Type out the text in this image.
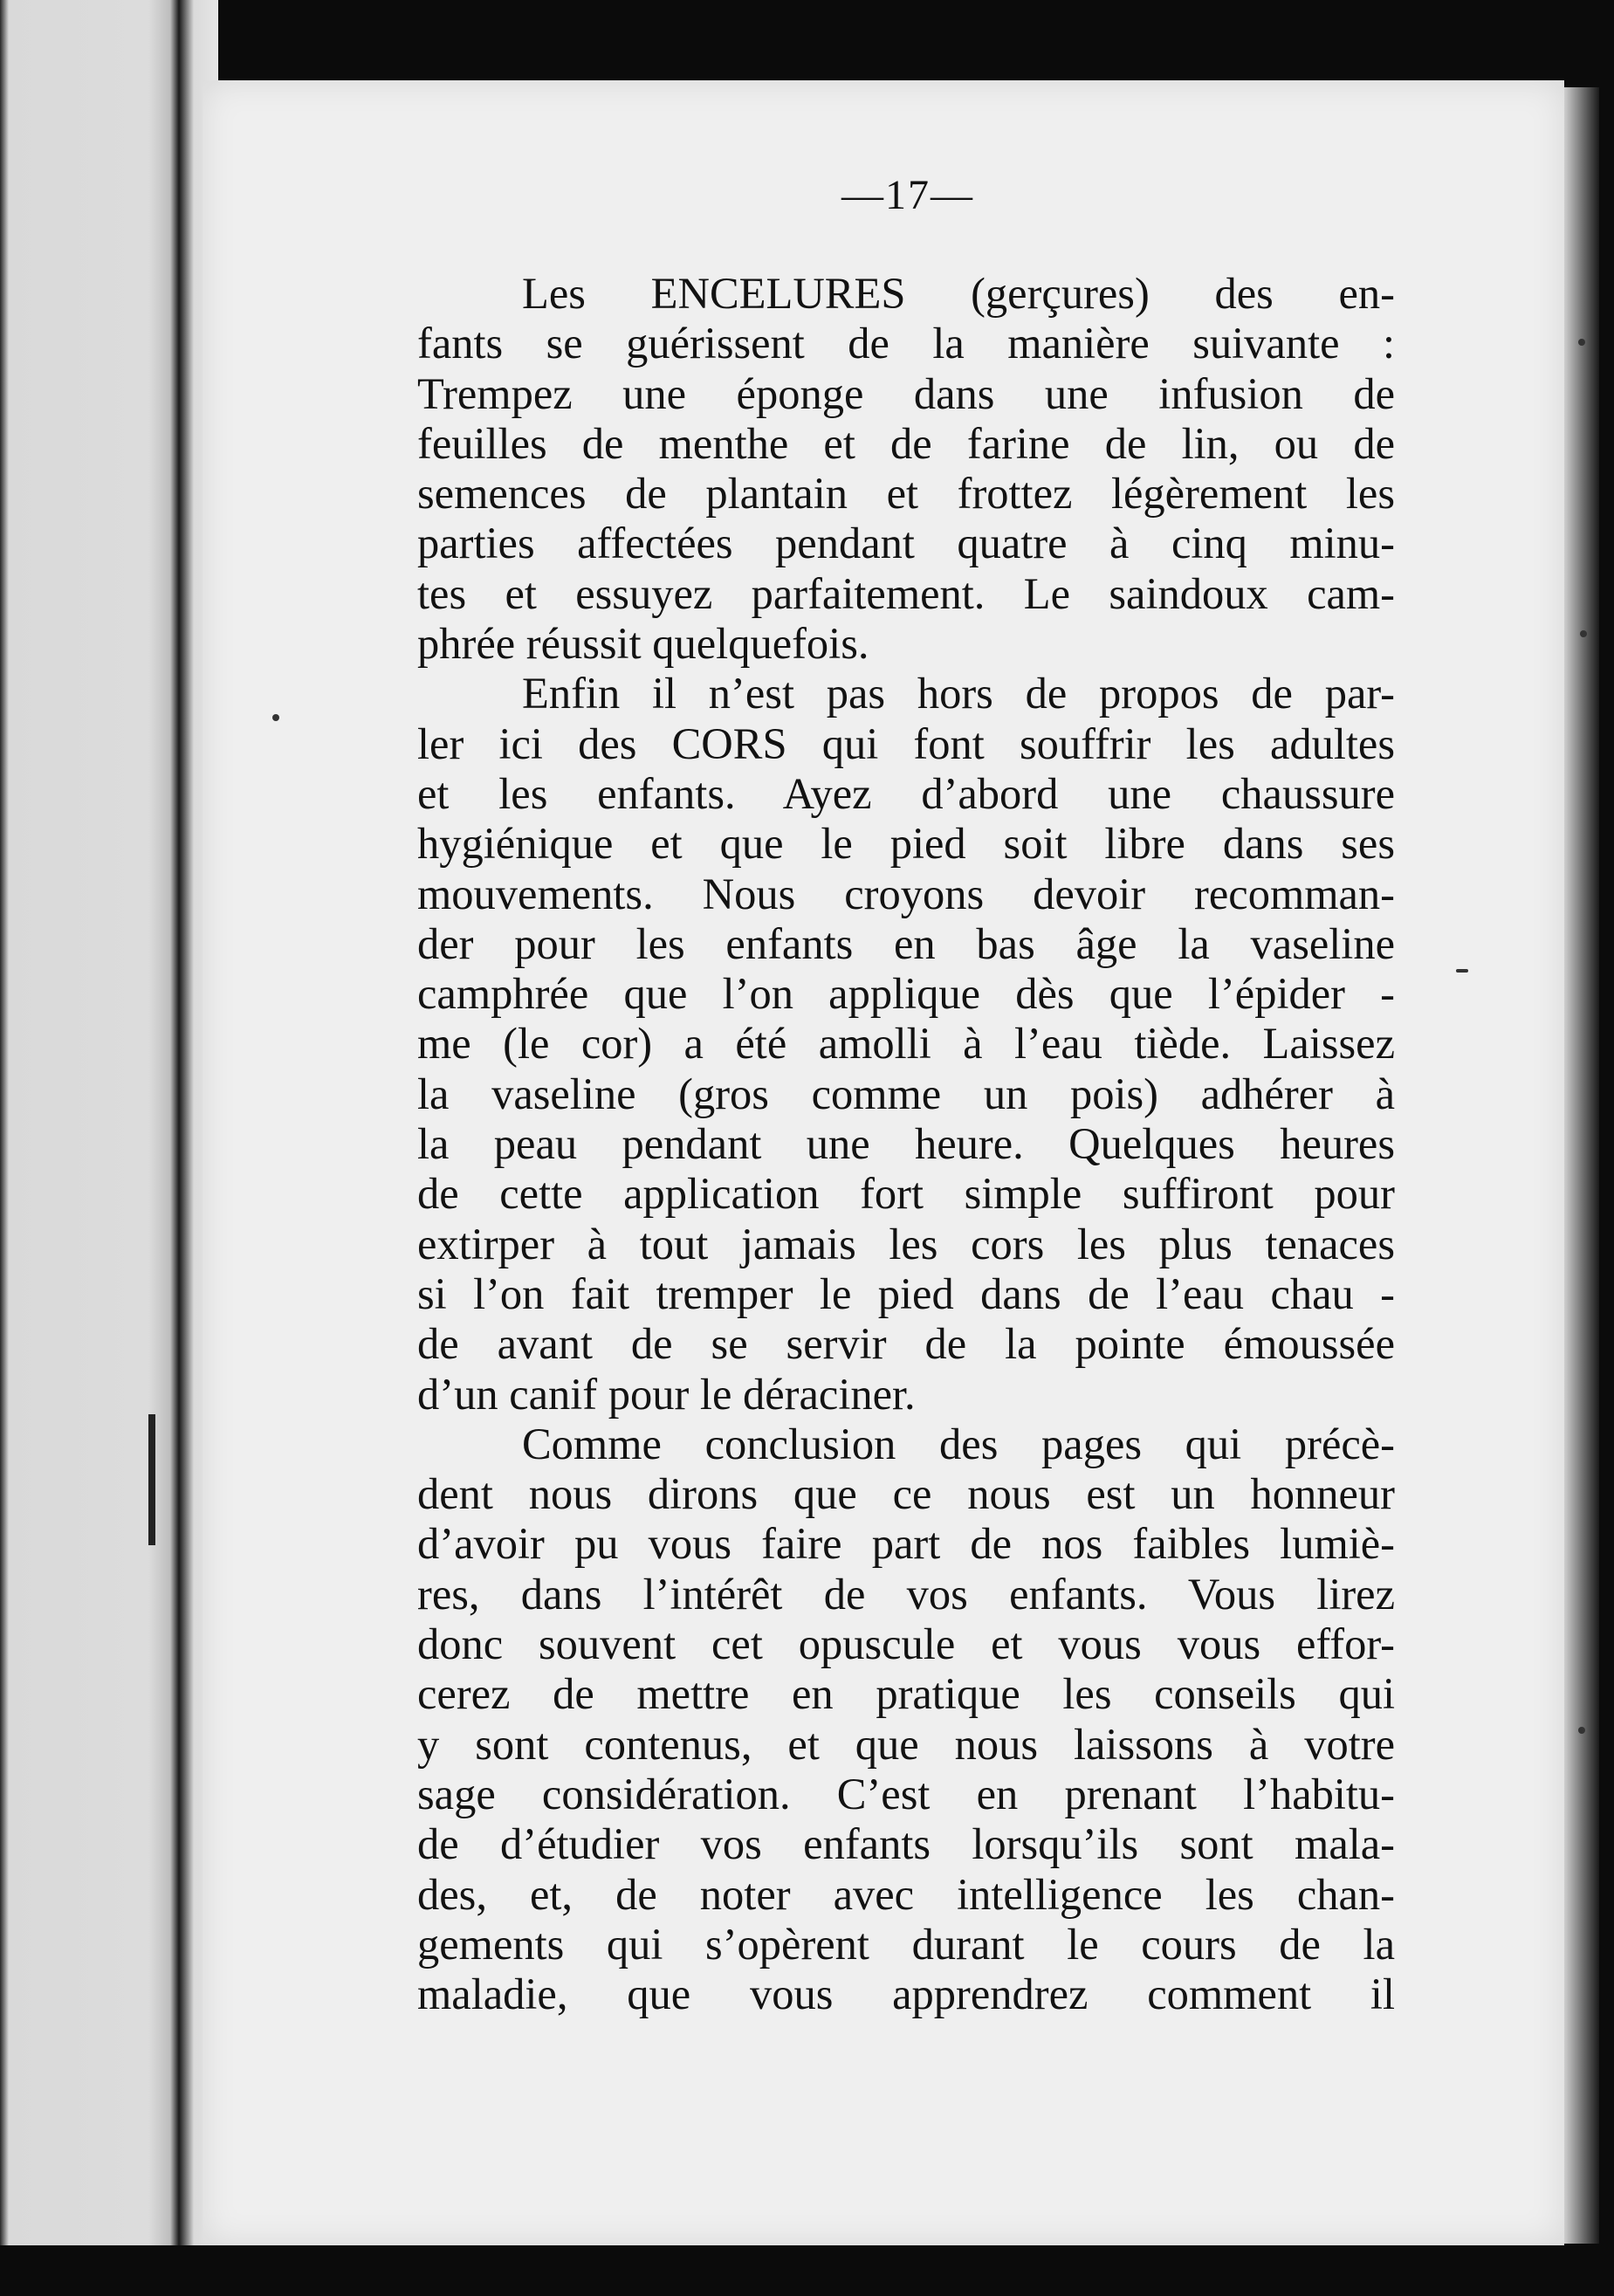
—17—
Les ENCELURES (gerçures) des en-
fants se guérissent de la manière suivante :
Trempez une éponge dans une infusion de
feuilles de menthe et de farine de lin, ou de
semences de plantain et frottez légèrement les
parties affectées pendant quatre à cinq minu-
tes et essuyez parfaitement. Le saindoux cam-
phrée réussit quelquefois.
Enfin il n’est pas hors de propos de par-
ler ici des CORS qui font souffrir les adultes
et les enfants. Ayez d’abord une chaussure
hygiénique et que le pied soit libre dans ses
mouvements. Nous croyons devoir recomman-
der pour les enfants en bas âge la vaseline
camphrée que l’on applique dès que l’épider -
me (le cor) a été amolli à l’eau tiède. Laissez
la vaseline (gros comme un pois) adhérer à
la peau pendant une heure. Quelques heures
de cette application fort simple suffiront pour
extirper à tout jamais les cors les plus tenaces
si l’on fait tremper le pied dans de l’eau chau -
de avant de se servir de la pointe émoussée
d’un canif pour le déraciner.
Comme conclusion des pages qui précè-
dent nous dirons que ce nous est un honneur
d’avoir pu vous faire part de nos faibles lumiè-
res, dans l’intérêt de vos enfants. Vous lirez
donc souvent cet opuscule et vous vous effor-
cerez de mettre en pratique les conseils qui
y sont contenus, et que nous laissons à votre
sage considération. C’est en prenant l’habitu-
de d’étudier vos enfants lorsqu’ils sont mala-
des, et, de noter avec intelligence les chan-
gements qui s’opèrent durant le cours de la
maladie, que vous apprendrez comment il
